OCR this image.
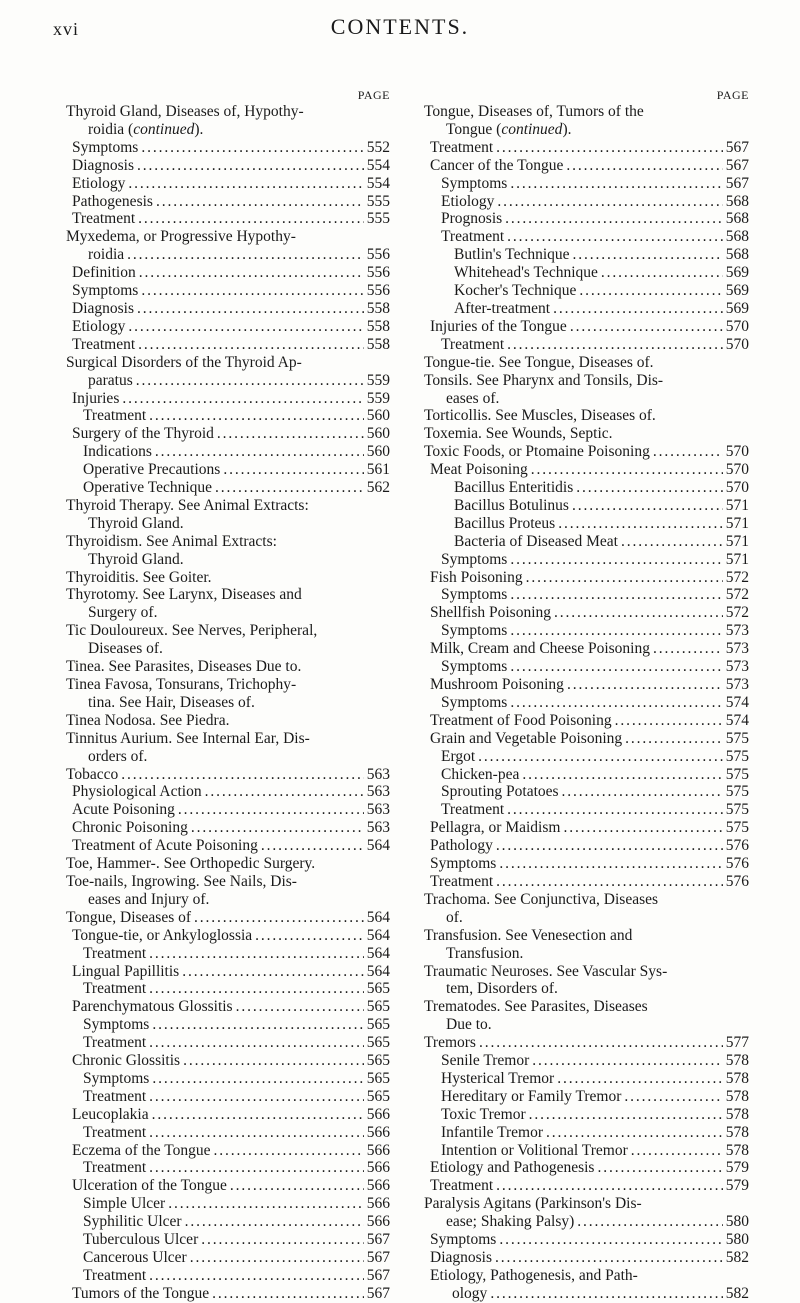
xvi	CONTENTS.
PAGE
Thyroid Gland, Diseases of, Hypothy-
roidia (continued).
Symptoms . . .	552
Diagnosis . . .	554
Etiology . . .	554
Pathogenesis . . .	555
Treatment . . .	555
Myxedema, or Progressive Hypothy-
roidia . . .	556
Definition . . .	556
Symptoms . . .	556
Diagnosis . . .	558
Etiology . . .	558
Treatment . . .	558
Surgical Disorders of the Thyroid Ap-
paratus . . .	559
Injuries . . .	559
Treatment . . .	560
Surgery of the Thyroid . . .	560
Indications . . .	560
Operative Precautions . . .	561
Operative Technique . . .	562
Thyroid Therapy. See Animal Extracts:
Thyroid Gland.
Thyroidism. See Animal Extracts:
Thyroid Gland.
Thyroiditis. See Goiter.
Thyrotomy. See Larynx, Diseases and
Surgery of.
Tic Douloureux. See Nerves, Peripheral,
Diseases of.
Tinea. See Parasites, Diseases Due to.
Tinea Favosa, Tonsurans, Trichophy-
tina. See Hair, Diseases of.
Tinea Nodosa. See Piedra.
Tinnitus Aurium. See Internal Ear, Dis-
orders of.
Tobacco . . .	563
Physiological Action . . .	563
Acute Poisoning . . .	563
Chronic Poisoning . . .	563
Treatment of Acute Poisoning . . .	564
Toe, Hammer-. See Orthopedic Surgery.
Toe-nails, Ingrowing. See Nails, Dis-
eases and Injury of.
Tongue, Diseases of . . .	564
Tongue-tie, or Ankyloglossia . . .	564
Treatment . . .	564
Lingual Papillitis . . .	564
Treatment . . .	565
Parenchymatous Glossitis . . .	565
Symptoms . . .	565
Treatment . . .	565
Chronic Glossitis . . .	565
Symptoms . . .	565
Treatment . . .	565
Leucoplakia . . .	566
Treatment . . .	566
Eczema of the Tongue . . .	566
Treatment . . .	566
Ulceration of the Tongue . . .	566
Simple Ulcer . . .	566
Syphilitic Ulcer . . .	566
Tuberculous Ulcer . . .	567
Cancerous Ulcer . . .	567
Treatment . . .	567
Tumors of the Tongue . . .	567
PAGE
Tongue, Diseases of, Tumors of the
Tongue (continued).
Treatment . . .	567
Cancer of the Tongue . . .	567
Symptoms . . .	567
Etiology . . .	568
Prognosis . . .	568
Treatment . . .	568
Butlin's Technique . . .	568
Whitehead's Technique . . .	569
Kocher's Technique . . .	569
After-treatment . . .	569
Injuries of the Tongue . . .	570
Treatment . . .	570
Tongue-tie. See Tongue, Diseases of.
Tonsils. See Pharynx and Tonsils, Dis-
eases of.
Torticollis. See Muscles, Diseases of.
Toxemia. See Wounds, Septic.
Toxic Foods, or Ptomaine Poisoning . . .	570
Meat Poisoning . . .	570
Bacillus Enteritidis . . .	570
Bacillus Botulinus . . .	571
Bacillus Proteus . . .	571
Bacteria of Diseased Meat . . .	571
Symptoms . . .	571
Fish Poisoning . . .	572
Symptoms . . .	572
Shellfish Poisoning . . .	572
Symptoms . . .	573
Milk, Cream and Cheese Poisoning . . .	573
Symptoms . . .	573
Mushroom Poisoning . . .	573
Symptoms . . .	574
Treatment of Food Poisoning . . .	574
Grain and Vegetable Poisoning . . .	575
Ergot . . .	575
Chicken-pea . . .	575
Sprouting Potatoes . . .	575
Treatment . . .	575
Pellagra, or Maidism . . .	575
Pathology . . .	576
Symptoms . . .	576
Treatment . . .	576
Trachoma. See Conjunctiva, Diseases
of.
Transfusion. See Venesection and
Transfusion.
Traumatic Neuroses. See Vascular Sys-
tem, Disorders of.
Trematodes. See Parasites, Diseases
Due to.
Tremors . . .	577
Senile Tremor . . .	578
Hysterical Tremor . . .	578
Hereditary or Family Tremor . . .	578
Toxic Tremor . . .	578
Infantile Tremor . . .	578
Intention or Volitional Tremor . . .	578
Etiology and Pathogenesis . . .	579
Treatment . . .	579
Paralysis Agitans (Parkinson's Dis-
ease; Shaking Palsy) . . .	580
Symptoms . . .	580
Diagnosis . . .	582
Etiology, Pathogenesis, and Path-
ology . . .	582
